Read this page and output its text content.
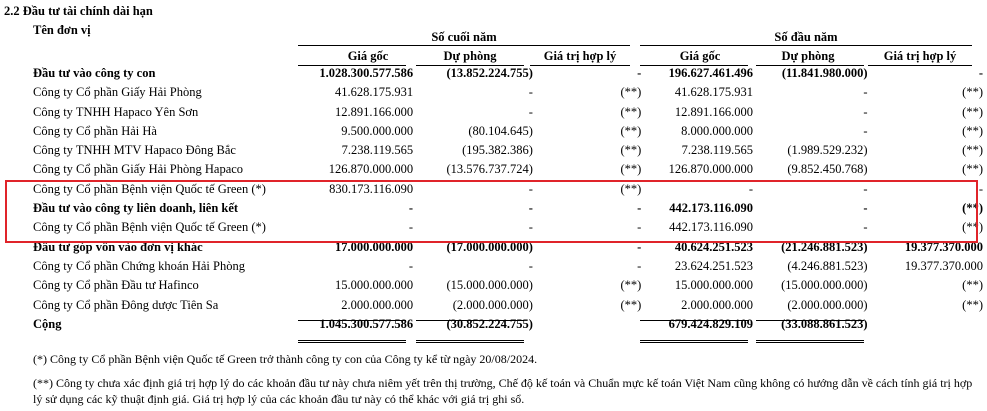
2.2 Đầu tư tài chính dài hạn
Tên đơn vị	Số cuối năm	Số đầu năm
Giá gốc	Dự phòng	Giá trị hợp lý	Giá gốc	Dự phòng	Giá trị hợp lý
Đầu tư vào công ty con	1.028.300.577.586	(13.852.224.755)	-	196.627.461.496	(11.841.980.000)	-
Công ty Cổ phần Giấy Hải Phòng	41.628.175.931	-	(**)	41.628.175.931	-	(**)
Công ty TNHH Hapaco Yên Sơn	12.891.166.000	-	(**)	12.891.166.000	-	(**)
Công ty Cổ phần Hải Hà	9.500.000.000	(80.104.645)	(**)	8.000.000.000	-	(**)
Công ty TNHH MTV Hapaco Đông Bắc	7.238.119.565	(195.382.386)	(**)	7.238.119.565	(1.989.529.232)	(**)
Công ty Cổ phần Giấy Hải Phòng Hapaco	126.870.000.000	(13.576.737.724)	(**)	126.870.000.000	(9.852.450.768)	(**)
Công ty Cổ phần Bệnh viện Quốc tế Green (*)	830.173.116.090	-	(**)	-	-	-
Đầu tư vào công ty liên doanh, liên kết	-	-	-	442.173.116.090	-	(**)
Công ty Cổ phần Bệnh viện Quốc tế Green (*)	-	-	-	442.173.116.090	-	(**)
Đầu tư góp vốn vào đơn vị khác	17.000.000.000	(17.000.000.000)	-	40.624.251.523	(21.246.881.523)	19.377.370.000
Công ty Cổ phần Chứng khoán Hải Phòng	-	-	-	23.624.251.523	(4.246.881.523)	19.377.370.000
Công ty Cổ phần Đầu tư Hafinco	15.000.000.000	(15.000.000.000)	(**)	15.000.000.000	(15.000.000.000)	(**)
Công ty Cổ phần Đông dược Tiên Sa	2.000.000.000	(2.000.000.000)	(**)	2.000.000.000	(2.000.000.000)	(**)
Cộng	1.045.300.577.586	(30.852.224.755)		679.424.829.109	(33.088.861.523)	
(*) Công ty Cổ phần Bệnh viện Quốc tế Green trở thành công ty con của Công ty kể từ ngày 20/08/2024.
(**) Công ty chưa xác định giá trị hợp lý do các khoản đầu tư này chưa niêm yết trên thị trường, Chế độ kế toán và Chuẩn mực kế toán Việt Nam cũng không có hướng dẫn về cách tính giá trị hợp lý sử dụng các kỹ thuật định giá. Giá trị hợp lý của các khoản đầu tư này có thể khác với giá trị ghi sổ.
